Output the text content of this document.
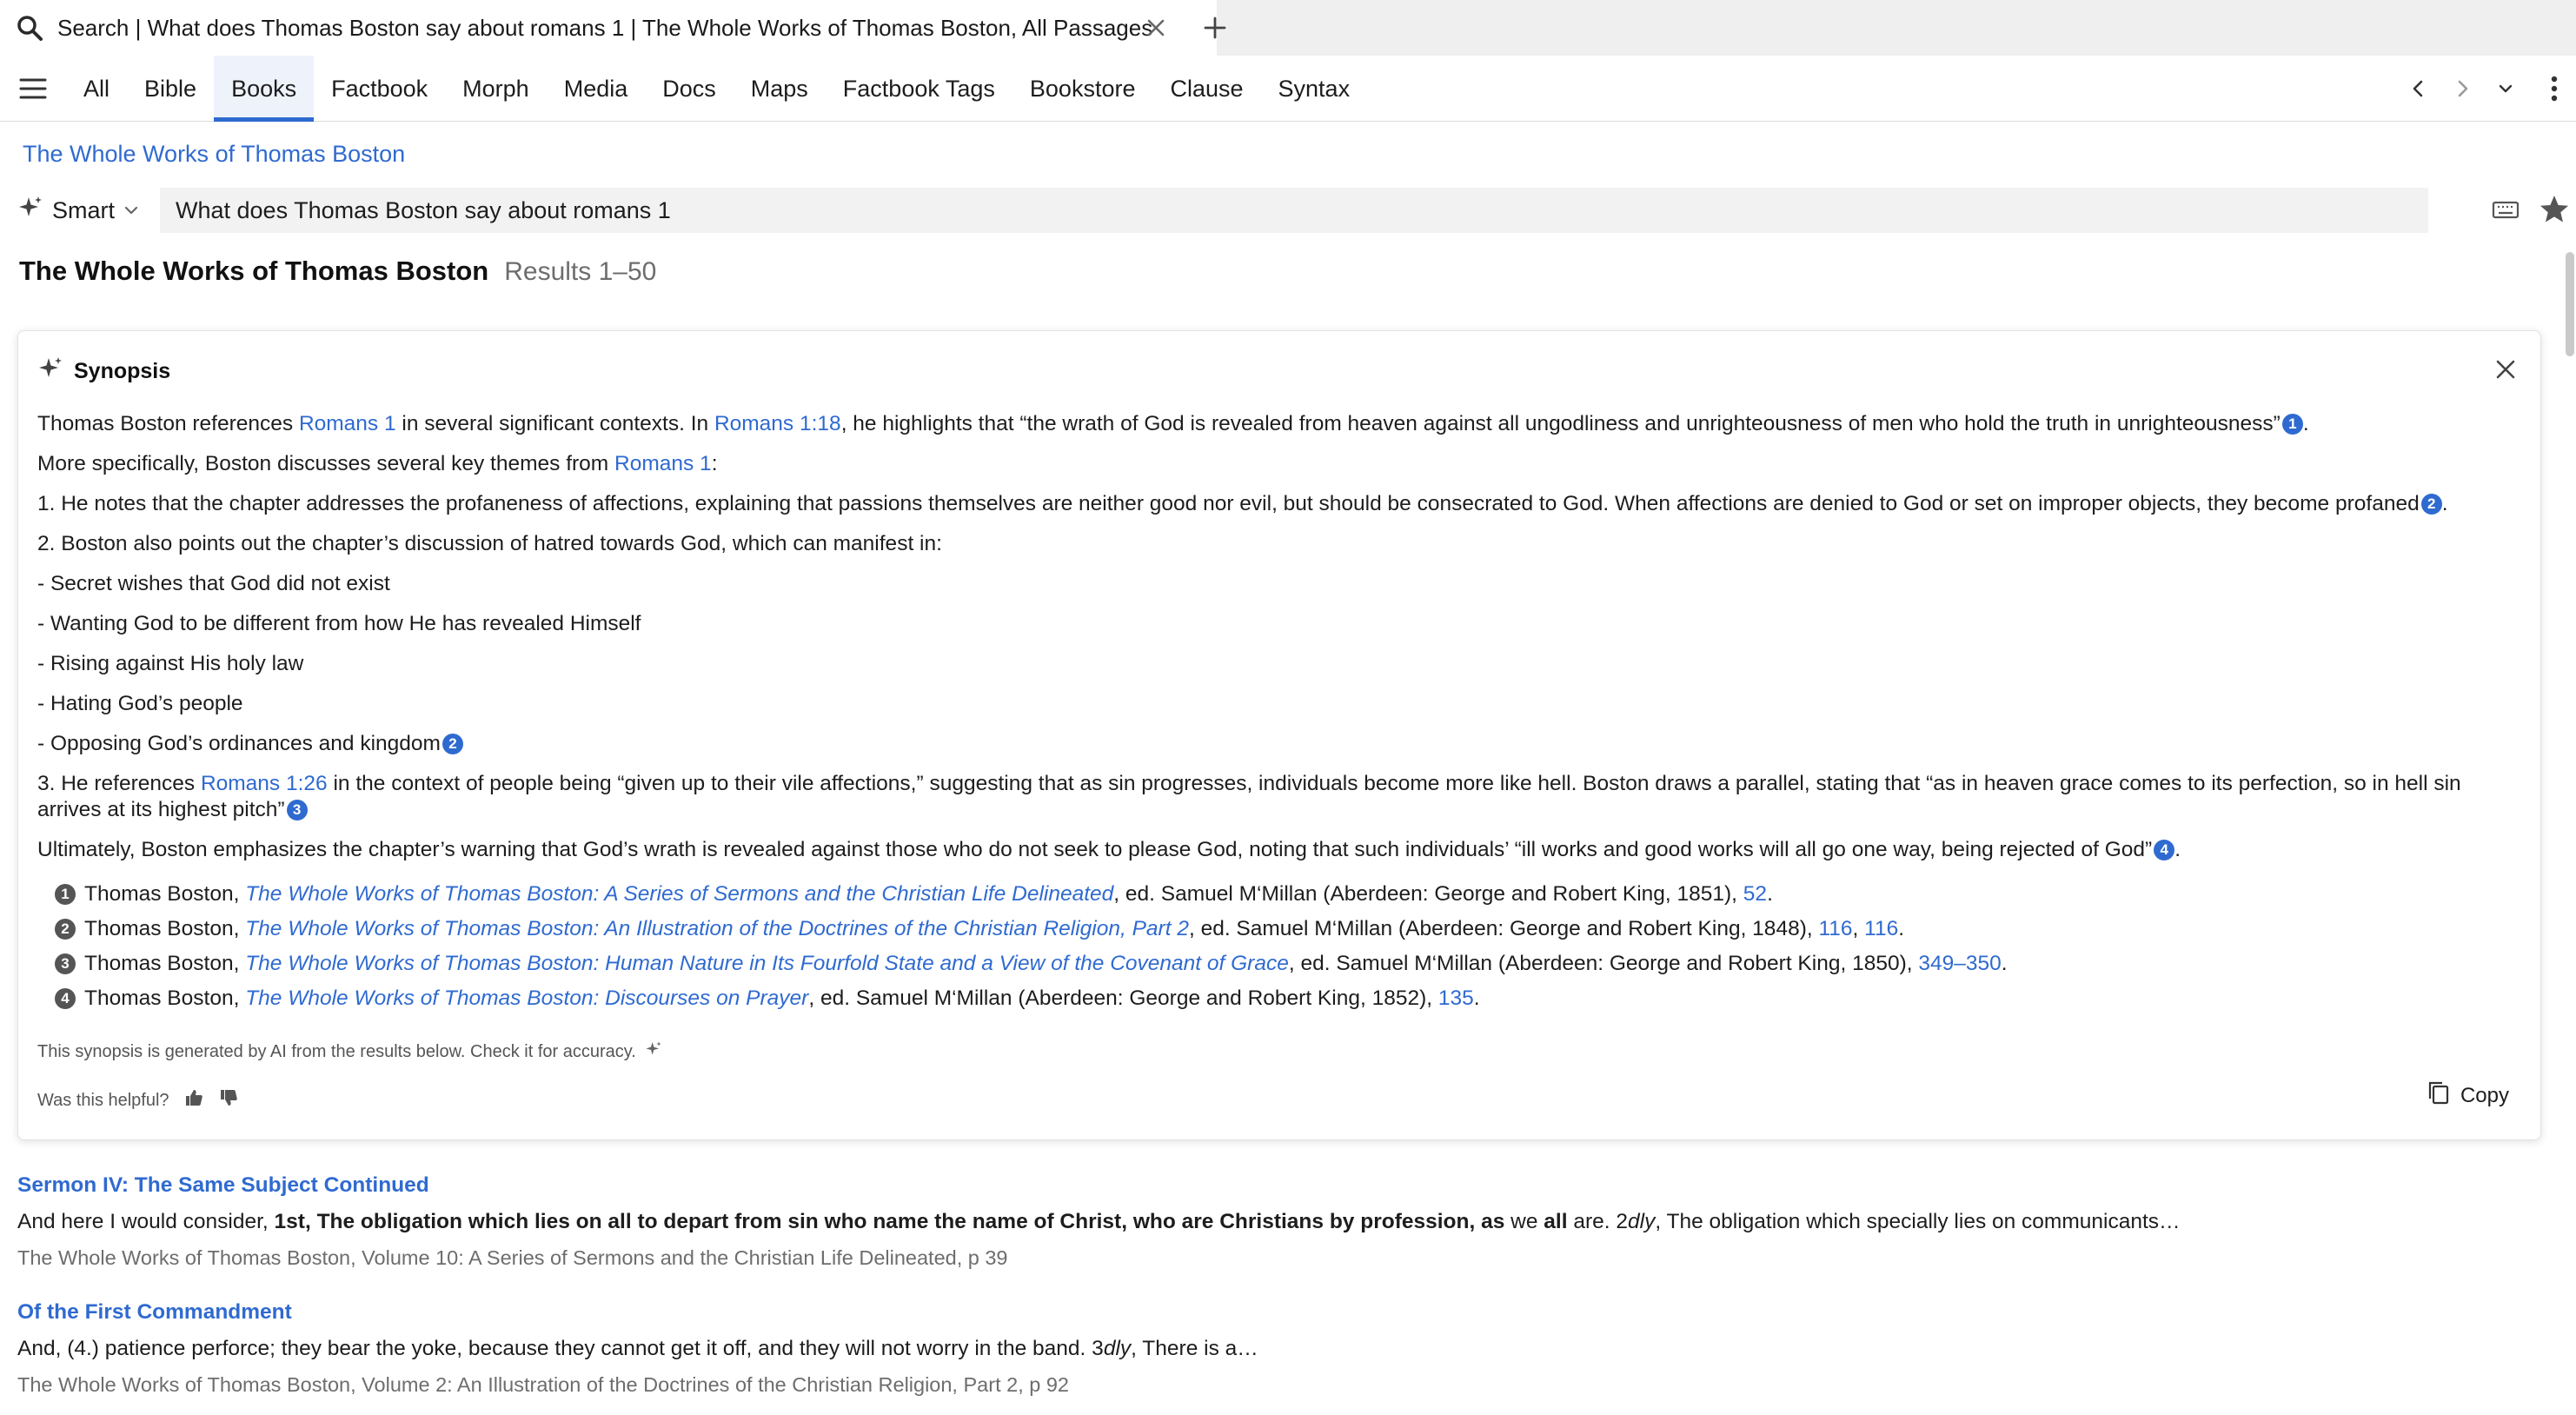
Search | What does Thomas Boston say about romans 1 | The Whole Works of Thomas Boston, All Passages
All	Bible	Books	Factbook	Morph	Media	Docs	Maps	Factbook Tags	Bookstore	Clause	Syntax
The Whole Works of Thomas Boston
Smart
What does Thomas Boston say about romans 1
The Whole Works of Thomas Boston Results 1–50
Synopsis

Thomas Boston references Romans 1 in several significant contexts. In Romans 1:18, he highlights that “the wrath of God is revealed from heaven against all ungodliness and unrighteousness of men who hold the truth in unrighteousness” 1 .

More specifically, Boston discusses several key themes from Romans 1:

1. He notes that the chapter addresses the profaneness of affections, explaining that passions themselves are neither good nor evil, but should be consecrated to God. When affections are denied to God or set on improper objects, they become profaned 2 .

2. Boston also points out the chapter’s discussion of hatred towards God, which can manifest in:

- Secret wishes that God did not exist

- Wanting God to be different from how He has revealed Himself

- Rising against His holy law

- Hating God’s people

- Opposing God’s ordinances and kingdom 2

3. He references Romans 1:26 in the context of people being “given up to their vile affections,” suggesting that as sin progresses, individuals become more like hell. Boston draws a parallel, stating that “as in heaven grace comes to its perfection, so in hell sin arrives at its highest pitch” 3

Ultimately, Boston emphasizes the chapter’s warning that God’s wrath is revealed against those who do not seek to please God, noting that such individuals’ “ill works and good works will all go one way, being rejected of God” 4 .

1 Thomas Boston, The Whole Works of Thomas Boston: A Series of Sermons and the Christian Life Delineated, ed. Samuel M‘Millan (Aberdeen: George and Robert King, 1851), 52.
2 Thomas Boston, The Whole Works of Thomas Boston: An Illustration of the Doctrines of the Christian Religion, Part 2, ed. Samuel M‘Millan (Aberdeen: George and Robert King, 1848), 116, 116.
3 Thomas Boston, The Whole Works of Thomas Boston: Human Nature in Its Fourfold State and a View of the Covenant of Grace, ed. Samuel M‘Millan (Aberdeen: George and Robert King, 1850), 349–350.
4 Thomas Boston, The Whole Works of Thomas Boston: Discourses on Prayer, ed. Samuel M‘Millan (Aberdeen: George and Robert King, 1852), 135.
This synopsis is generated by AI from the results below. Check it for accuracy.
Was this helpful?	Copy
Sermon IV: The Same Subject Continued
And here I would consider, 1st, The obligation which lies on all to depart from sin who name the name of Christ, who are Christians by profession, as we all are. 2dly, The obligation which specially lies on communicants…
The Whole Works of Thomas Boston, Volume 10: A Series of Sermons and the Christian Life Delineated, p 39
Of the First Commandment
And, (4.) patience perforce; they bear the yoke, because they cannot get it off, and they will not worry in the band. 3dly, There is a…
The Whole Works of Thomas Boston, Volume 2: An Illustration of the Doctrines of the Christian Religion, Part 2, p 92
